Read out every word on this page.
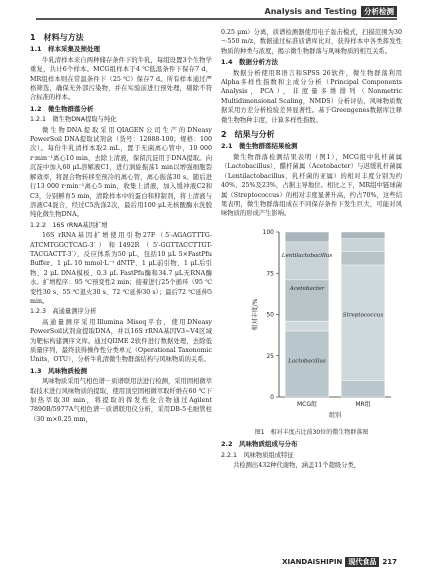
Analysis and Testing 分析检测
1　材料与方法
1.1　样本采集及预处理

牛乳清样本来自两种储存条件下的牛乳，每组设置3个生物学重复，共计6个样本。MCG组样本于4 ℃低温条件下保存7 d，MR组样本则在常温条件下（25 ℃）保存7 d。所有样本通过严格筛选，确保无外部污染物，并在实验前进行预处理，剔除不符合标准的样本。

1.2　微生物群落分析
1.2.1　微生物DNA提取与纯化

微生物DNA提取采用QIAGEN公司生产的DNeasy PowerSoil DNA提取试剂盒（货号：12888-100；规格：100次）。每份牛乳清样本取2 mL，置于无菌离心管中，10 000 r·min⁻¹离心10 min，去除上清液，保留沉淀用于DNA提取。向沉淀中加入60 μL溶解液C1，进行涡旋振荡1 min以增强细胞裂解效率，将混合物转移至预冷的离心管，离心振荡30 s。随后进行13 000 r·min⁻¹离心5 min，收集上清液，加入缓冲液C2和C3，分别孵育5 min，清除样本中的蛋白和抑制剂，将上清液与溶液C4混合，经过C5洗涤2次，最后用100 μL无核酸酶水洗脱纯化微生物DNA。

1.2.2　16S rRNA基因扩增

16S rRNA基因扩增使用引物27F（5′-AGAGTTTG-ATCMTGGCTCAG-3′）和1492R（5′-GGTTACCTTGT-TACGACTT-3′），反应体系为50 μL，包括10 μL 5×FastPfu Buffer、1 μL 10 mmol·L⁻¹ dNTP、1 μL前引物、1 μL后引物、2 μL DNA模板、0.3 μL FastPfu酶和34.7 μL无RNA酶水。扩增程序：95 ℃预变性2 min；接着进行25个循环（95 ℃变性30 s、55 ℃退火30 s、72 ℃延伸30 s）；最后72 ℃延伸5 min。

1.2.3　高通量测序分析

高通量测序采用Illumina Miseq平台，使用DNeasy PowerSoil试剂盒提取DNA，并以16S rRNA基因V3~V4区域为靶标构建测序文库。通过QIIME 2软件进行数据处理，去除低质量序列，最终获得操作性分类单元（Operational Taxonomic Units，OTU），分析牛乳清微生物群落结构与风味物质的关系。

1.3　风味物质检测

风味物质采用气相色谱－质谱联用法进行检测，采用固相微萃取技术进行风味物质的提取，使用顶空固相微萃取纤维在60 ℃下加热萃取30 min，将提取的挥发性化合物通过Agilent 7890B/5977A气相色谱－质谱联用仪分析，采用DB-5毛细管柱（30 m×0.25 mm，

0.25 μm）分离，质谱检测器使用电子轰击模式，扫描范围为30～550 m/z，数据通过标准质谱库比对，获得样本中各类挥发性物质的种类与浓度，揭示微生物群落与风味物质的相互关系。

1.4　数据分析方法

数据分析使用R语言和SPSS 26软件，微生物群落利用Alpha多样性指数和主成分分析（Principal Components Analysis，PCA），非度量多维排列（Nonmetric Multidimensional Scaling，NMDS）分析评估，风味物质数据采用方差分析检验差异显著性。基于Greengenes数据库注释微生物物种丰度，计算多样性指数。

2　结果与分析
2.1　微生物群落结果检测

微生物群落检测结果表明（图1），MCG组中乳杆菌属（Lactobacillus）、醋杆菌属（Acetobacter）与迟缓乳杆菌属（Lentilactobacillus，乳杆菌的亚属）的相对丰度分别为约40%、25%及23%，占据主导地位。相比之下，MR组中链球菌属（Streptococcus）的相对丰度显著升高，约占70%，这些结果表明，微生物群落组成在不同保存条件下发生巨大，可能对风味物质的形成产生影响。

0
25
50
75
100
相对丰度/%
MCG组	MR组
组别
Lentilactobacillus
Acetobacter
Lactobacillus
Streptococcus
图1　相对丰度占比前30位的微生物群落图
2.2　风味物质组成与分布
2.2.1　风味物质组成特征

共检测出432种代谢物，涵盖11个超级分类，

XIANDAISHIPIN 现代食品 217
